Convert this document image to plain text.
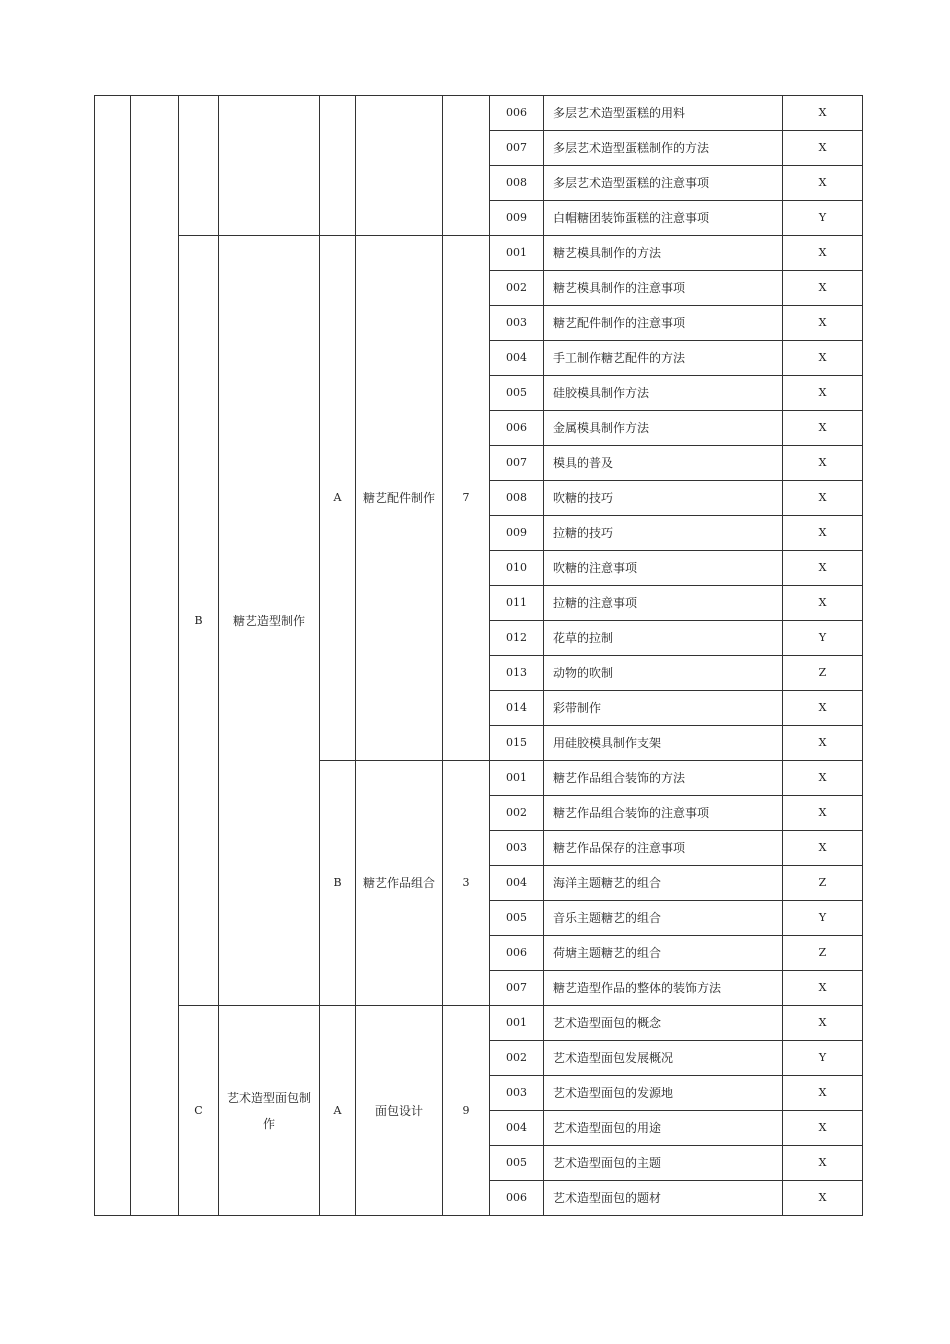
							006	多层艺术造型蛋糕的用料	X
							007	多层艺术造型蛋糕制作的方法	X
							008	多层艺术造型蛋糕的注意事项	X
							009	白帽糖团装饰蛋糕的注意事项	Y
		B	糖艺造型制作	A	糖艺配件制作	7	001	糖艺模具制作的方法	X
							002	糖艺模具制作的注意事项	X
							003	糖艺配件制作的注意事项	X
							004	手工制作糖艺配件的方法	X
							005	硅胶模具制作方法	X
							006	金属模具制作方法	X
							007	模具的普及	X
							008	吹糖的技巧	X
							009	拉糖的技巧	X
							010	吹糖的注意事项	X
							011	拉糖的注意事项	X
							012	花草的拉制	Y
							013	动物的吹制	Z
							014	彩带制作	X
							015	用硅胶模具制作支架	X
				B	糖艺作品组合	3	001	糖艺作品组合装饰的方法	X
							002	糖艺作品组合装饰的注意事项	X
							003	糖艺作品保存的注意事项	X
							004	海洋主题糖艺的组合	Z
							005	音乐主题糖艺的组合	Y
							006	荷塘主题糖艺的组合	Z
							007	糖艺造型作品的整体的装饰方法	X
		C	艺术造型面包制作	A	面包设计	9	001	艺术造型面包的概念	X
							002	艺术造型面包发展概况	Y
							003	艺术造型面包的发源地	X
							004	艺术造型面包的用途	X
							005	艺术造型面包的主题	X
							006	艺术造型面包的题材	X
